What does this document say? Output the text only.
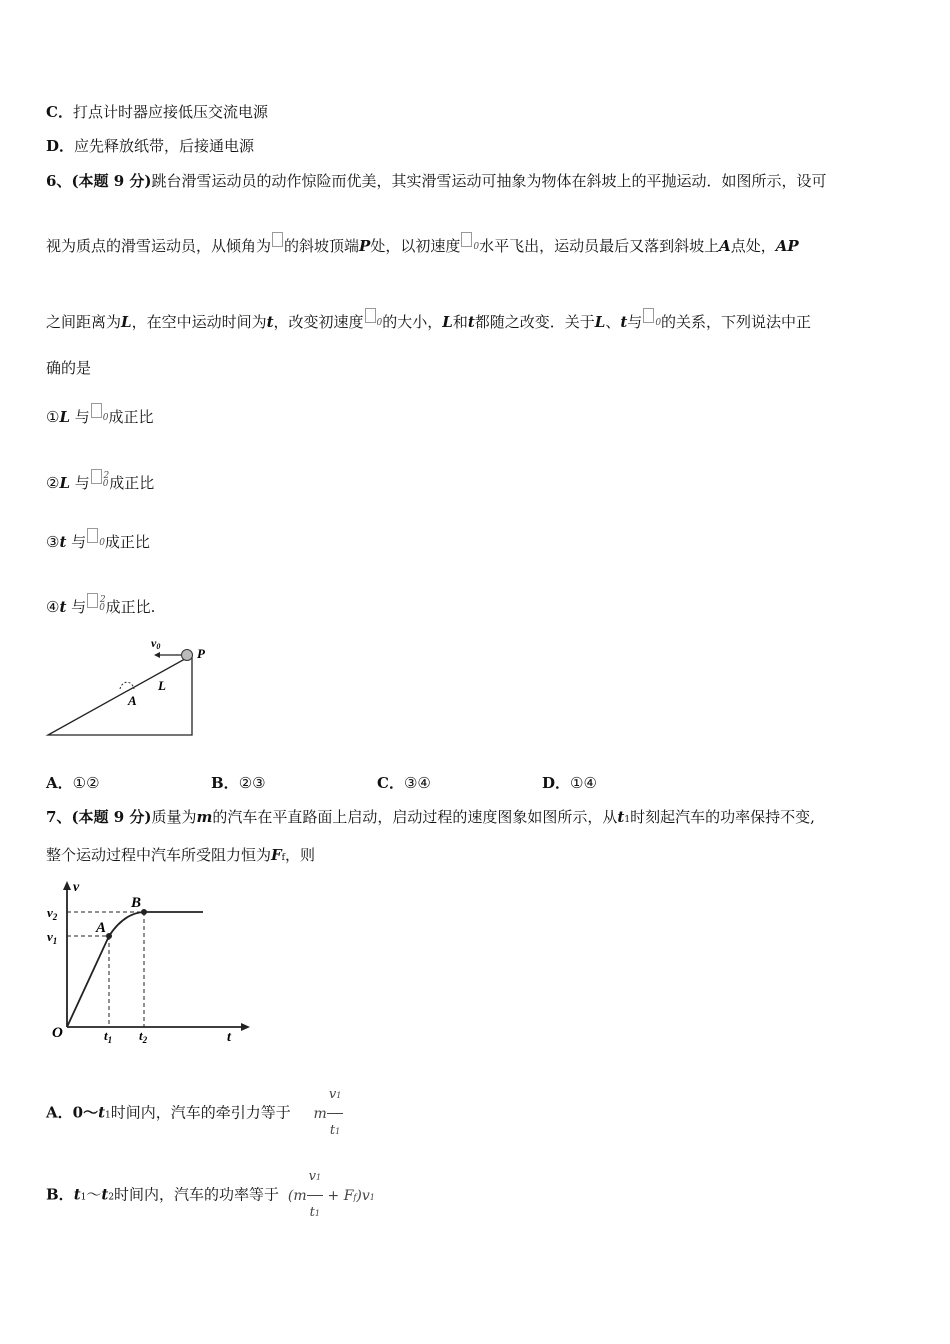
C．打点计时器应接低压交流电源
D．应先释放纸带，后接通电源
6、(本题 9 分)跳台滑雪运动员的动作惊险而优美，其实滑雪运动可抽象为物体在斜坡上的平抛运动．如图所示，设可
视为质点的滑雪运动员，从倾角为 的斜坡顶端P处，以初速度 0水平飞出，运动员最后又落到斜坡上A点处，AP
之间距离为L，在空中运动时间为t，改变初速度 0的大小，L和t都随之改变．关于L、t与 0的关系，下列说法中正
确的是
①L 与 0成正比
②L 与 $0^2$成正比
③t 与 0成正比
④t 与 $0^2$成正比.
v0	P
L
A
A．①②	B．②③	C．③④	D．①④
7、(本题 9 分)质量为m的汽车在平直路面上启动，启动过程的速度图象如图所示，从t1时刻起汽车的功率保持不变,
整个运动过程中汽车所受阻力恒为Ff，则
v
t
O
A
B
$v_2$
$v_1$
$t_1$ $t_2$
A．0～t1时间内，汽车的牵引力等于 m $\frac{v1}{t1}$
B．t1～t2时间内，汽车的功率等于 $(m \frac{v1}{t1} + Ff)v1$
